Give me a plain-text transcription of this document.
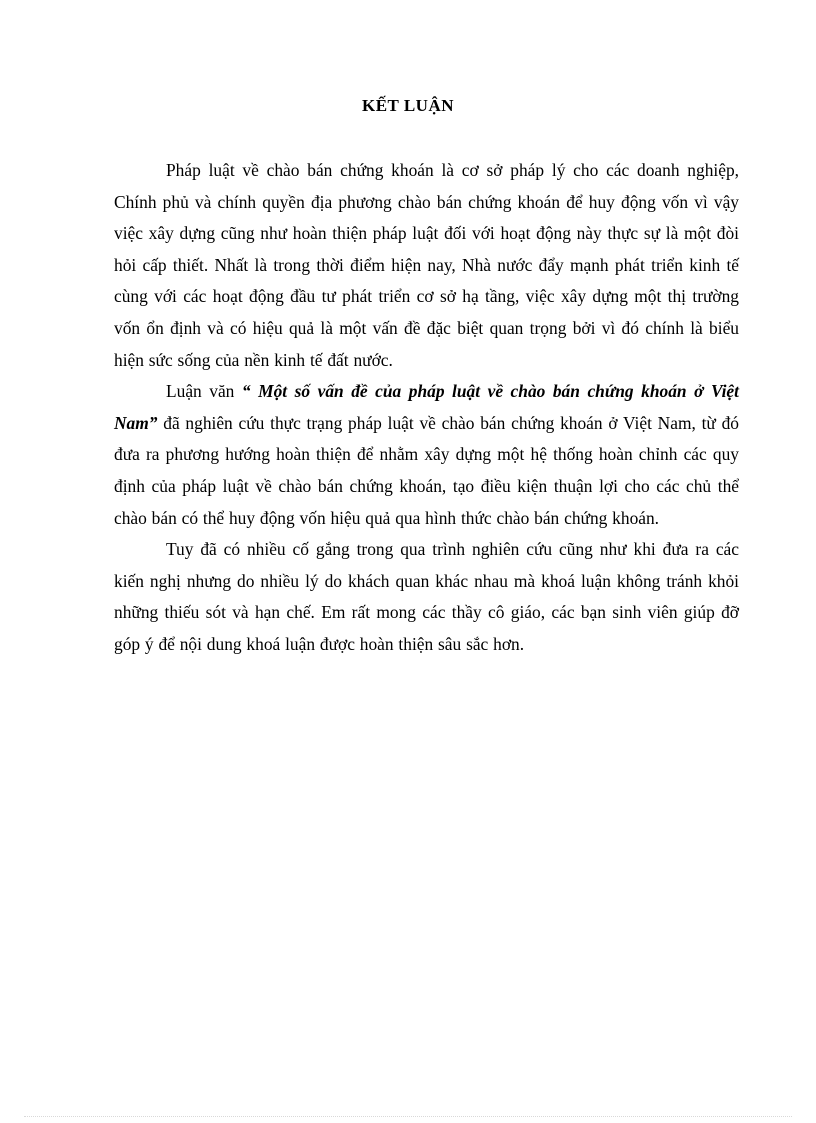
KẾT LUẬN

Pháp luật về chào bán chứng khoán là cơ sở pháp lý cho các doanh nghiệp, Chính phủ và chính quyền địa phương chào bán chứng khoán để huy động vốn vì vậy việc xây dựng cũng như hoàn thiện pháp luật đối với hoạt động này thực sự là một đòi hỏi cấp thiết. Nhất là trong thời điểm hiện nay, Nhà nước đẩy mạnh phát triển kinh tế cùng với các hoạt động đầu tư phát triển cơ sở hạ tầng, việc xây dựng một thị trường vốn ổn định và có hiệu quả là một vấn đề đặc biệt quan trọng bởi vì đó chính là biểu hiện sức sống của nền kinh tế đất nước.

Luận văn “ Một số vấn đề của pháp luật về chào bán chứng khoán ở Việt Nam” đã nghiên cứu thực trạng pháp luật về chào bán chứng khoán ở Việt Nam, từ đó đưa ra phương hướng hoàn thiện để nhằm xây dựng một hệ thống hoàn chỉnh các quy định của pháp luật về chào bán chứng khoán, tạo điều kiện thuận lợi cho các chủ thể chào bán có thể huy động vốn hiệu quả qua hình thức chào bán chứng khoán.

Tuy đã có nhiều cố gắng trong qua trình nghiên cứu cũng như khi đưa ra các kiến nghị nhưng do nhiều lý do khách quan khác nhau mà khoá luận không tránh khỏi những thiếu sót và hạn chế. Em rất mong các thầy cô giáo, các bạn sinh viên giúp đỡ góp ý để nội dung khoá luận được hoàn thiện sâu sắc hơn.
